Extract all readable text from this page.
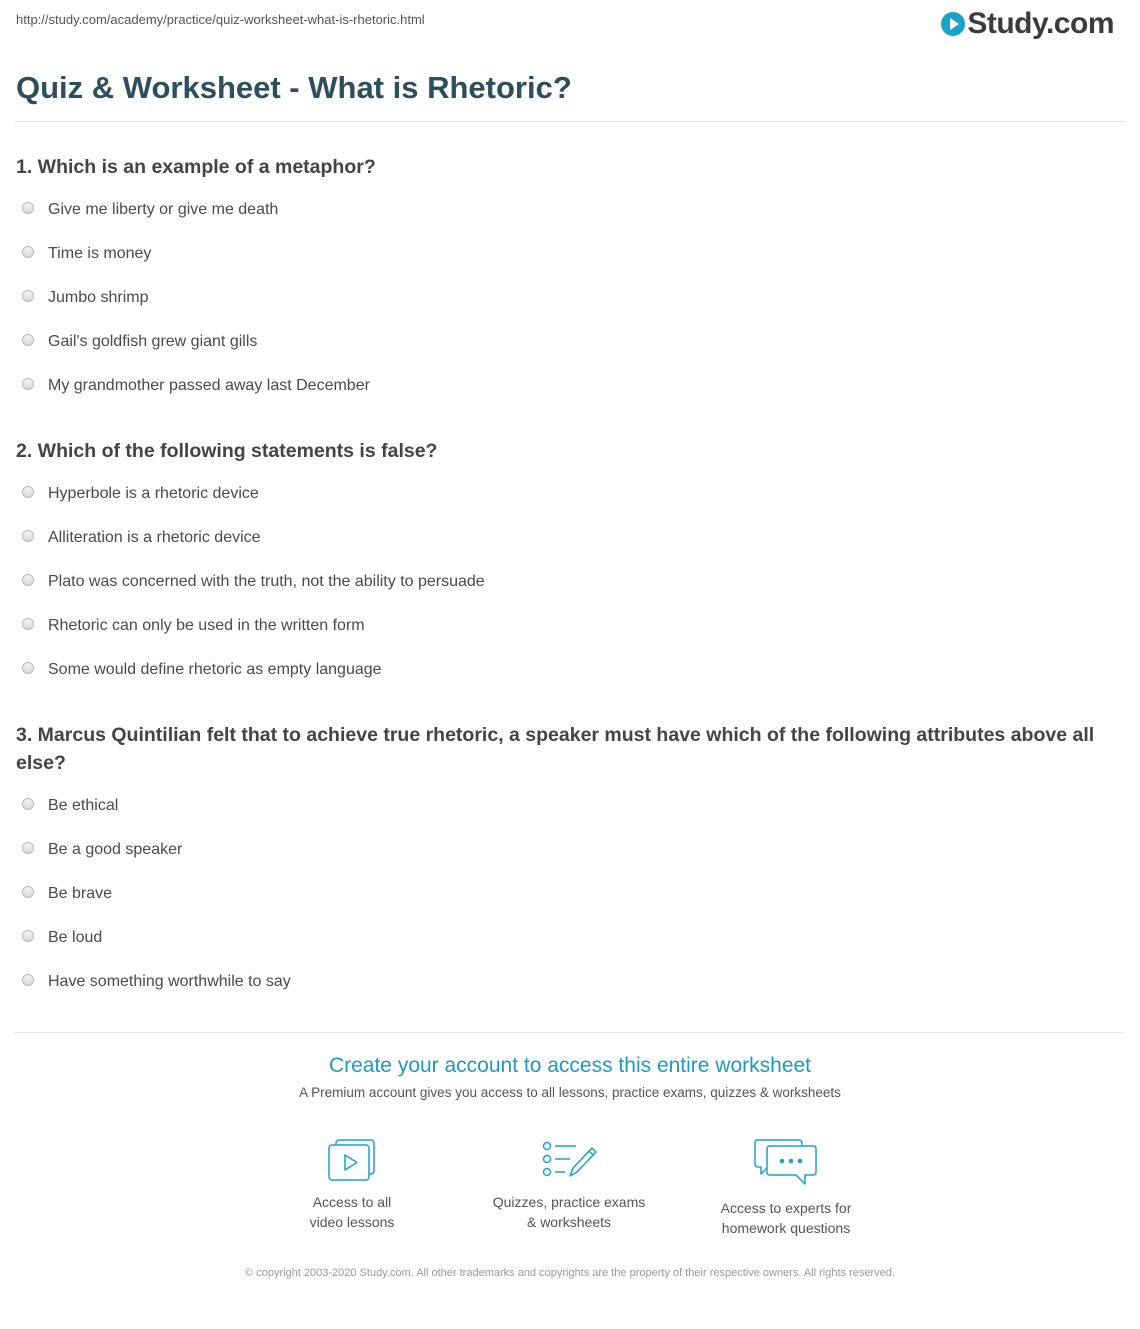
http://study.com/academy/practice/quiz-worksheet-what-is-rhetoric.html	Study.com
Quiz & Worksheet - What is Rhetoric?
1. Which is an example of a metaphor?
Give me liberty or give me death
Time is money
Jumbo shrimp
Gail's goldfish grew giant gills
My grandmother passed away last December
2. Which of the following statements is false?
Hyperbole is a rhetoric device
Alliteration is a rhetoric device
Plato was concerned with the truth, not the ability to persuade
Rhetoric can only be used in the written form
Some would define rhetoric as empty language
3. Marcus Quintilian felt that to achieve true rhetoric, a speaker must have which of the following attributes above all else?
Be ethical
Be a good speaker
Be brave
Be loud
Have something worthwhile to say
Create your account to access this entire worksheet
A Premium account gives you access to all lessons, practice exams, quizzes & worksheets
Access to all
video lessons
Quizzes, practice exams
& worksheets
Access to experts for
homework questions
© copyright 2003-2020 Study.com. All other trademarks and copyrights are the property of their respective owners. All rights reserved.
